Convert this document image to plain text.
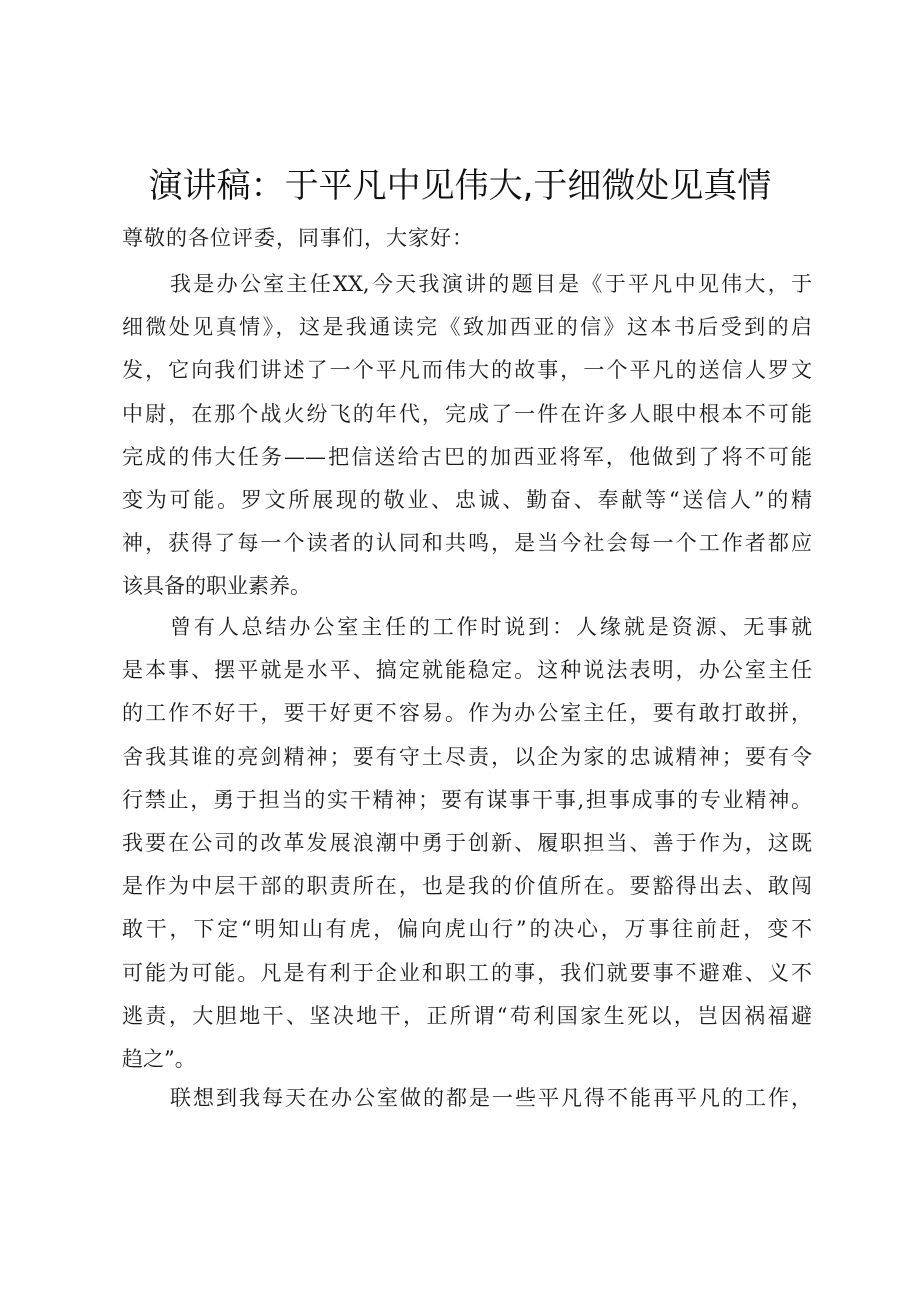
演讲稿：于平凡中见伟大,于细微处见真情

尊敬的各位评委，同事们，大家好：

我是办公室主任XX,今天我演讲的题目是《于平凡中见伟大，于
细微处见真情》，这是我通读完《致加西亚的信》这本书后受到的启
发，它向我们讲述了一个平凡而伟大的故事，一个平凡的送信人罗文
中尉，在那个战火纷飞的年代，完成了一件在许多人眼中根本不可能
完成的伟大任务——把信送给古巴的加西亚将军，他做到了将不可能
变为可能。罗文所展现的敬业、忠诚、勤奋、奉献等“送信人”的精
神，获得了每一个读者的认同和共鸣，是当今社会每一个工作者都应
该具备的职业素养。
曾有人总结办公室主任的工作时说到：人缘就是资源、无事就
是本事、摆平就是水平、搞定就能稳定。这种说法表明，办公室主任
的工作不好干，要干好更不容易。作为办公室主任，要有敢打敢拼，
舍我其谁的亮剑精神；要有守土尽责，以企为家的忠诚精神；要有令
行禁止，勇于担当的实干精神；要有谋事干事,担事成事的专业精神。
我要在公司的改革发展浪潮中勇于创新、履职担当、善于作为，这既
是作为中层干部的职责所在，也是我的价值所在。要豁得出去、敢闯
敢干，下定“明知山有虎，偏向虎山行”的决心，万事往前赶，变不
可能为可能。凡是有利于企业和职工的事，我们就要事不避难、义不
逃责，大胆地干、坚决地干，正所谓“苟利国家生死以，岂因祸福避
趋之”。
联想到我每天在办公室做的都是一些平凡得不能再平凡的工作，
